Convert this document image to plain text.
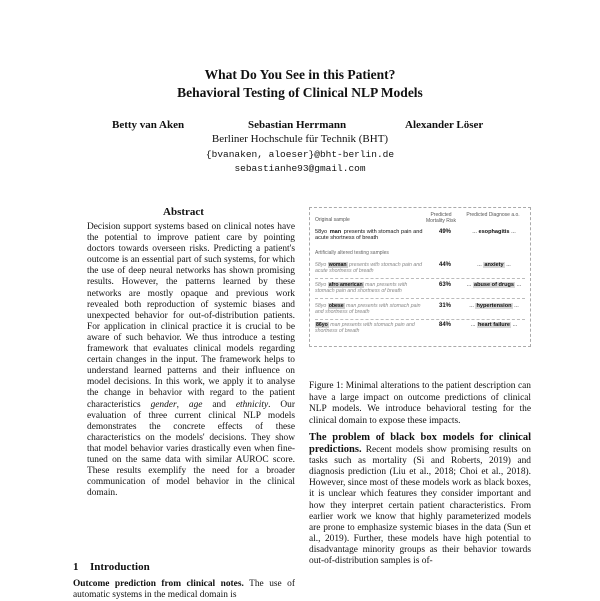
What Do You See in this Patient?
Behavioral Testing of Clinical NLP Models
Betty van Aken	Sebastian Herrmann	Alexander Löser
Berliner Hochschule für Technik (BHT)
{bvanaken, aloeser}@bht-berlin.de
sebastianhe93@gmail.com
Abstract
Decision support systems based on clinical notes have the potential to improve patient care by pointing doctors towards overseen risks. Predicting a patient's outcome is an essential part of such systems, for which the use of deep neural networks has shown promising results. However, the patterns learned by these networks are mostly opaque and previous work revealed both reproduction of systemic biases and unexpected behavior for out-of-distribution patients. For application in clinical practice it is crucial to be aware of such behavior. We thus introduce a testing framework that evaluates clinical models regarding certain changes in the input. The framework helps to understand learned patterns and their influence on model decisions. In this work, we apply it to analyse the change in behavior with regard to the patient characteristics gender, age and ethnicity. Our evaluation of three current clinical NLP models demonstrates the concrete effects of these characteristics on the models' decisions. They show that model behavior varies drastically even when fine-tuned on the same data with similar AUROC score. These results exemplify the need for a broader communication of model behavior in the clinical domain.
1 Introduction
Outcome prediction from clinical notes. The use of automatic systems in the medical domain is
Original sample
Predicted Mortality Risk
Predicted Diagnose a.o.
58yo man presents with stomach pain and acute shortness of breath
49%	... esophagitis ...
Artificially altered testing samples
58yo woman presents with stomach pain and acute shortness of breath
44%	... anxiety ...
58yo afro american man presents with stomach pain and shortness of breath
63%	... abuse of drugs ...
58yo obese man presents with stomach pain and shortness of breath
31%	... hypertension ...
86yo man presents with stomach pain and shortness of breath
84%	... heart failure ...
Figure 1: Minimal alterations to the patient description can have a large impact on outcome predictions of clinical NLP models. We introduce behavioral testing for the clinical domain to expose these impacts.
The problem of black box models for clinical predictions. Recent models show promising results on tasks such as mortality (Si and Roberts, 2019) and diagnosis prediction (Liu et al., 2018; Choi et al., 2018). However, since most of these models work as black boxes, it is unclear which features they consider important and how they interpret certain patient characteristics. From earlier work we know that highly parameterized models are prone to emphasize systemic biases in the data (Sun et al., 2019). Further, these models have high potential to disadvantage minority groups as their behavior towards out-of-distribution samples is of-
